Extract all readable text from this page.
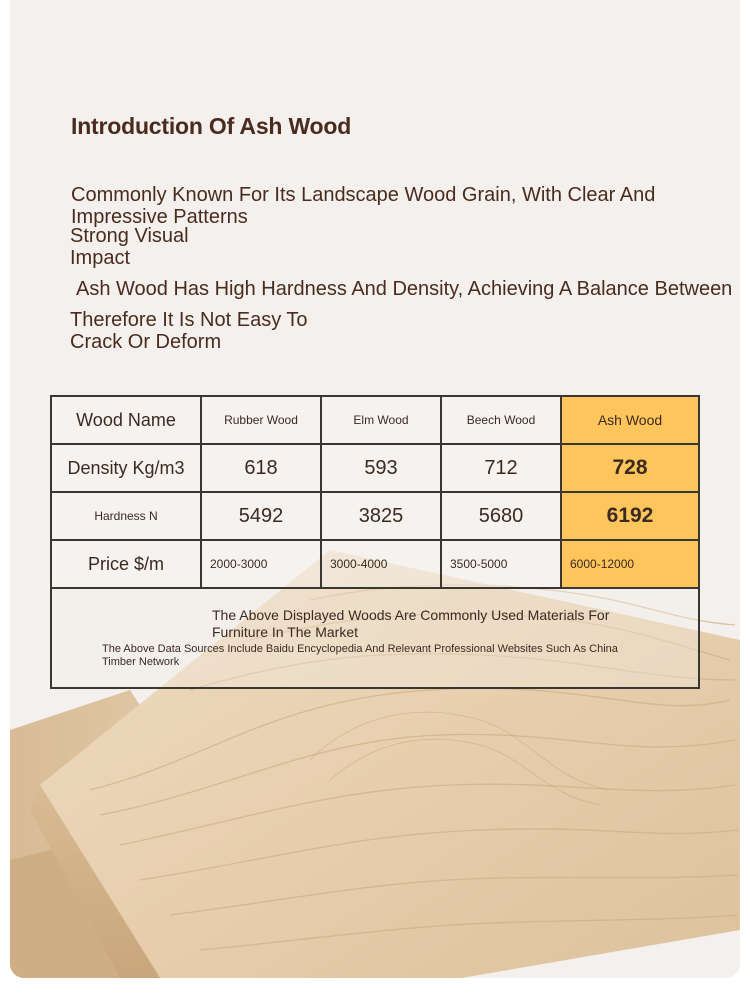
Introduction Of Ash Wood

Commonly Known For Its Landscape Wood Grain, With Clear And Impressive Patterns

Strong Visual Impact

Ash Wood Has High Hardness And Density, Achieving A Balance Between

Therefore It Is Not Easy To Crack Or Deform

Wood Name	Rubber Wood	Elm Wood	Beech Wood	Ash Wood
Density Kg/m3	618	593	712	728
Hardness N	5492	3825	5680	6192
Price $/m	2000-3000	3000-4000	3500-5000	6000-12000

The Above Displayed Woods Are Commonly Used Materials For Furniture In The Market
The Above Data Sources Include Baidu Encyclopedia And Relevant Professional Websites Such As China Timber Network				
